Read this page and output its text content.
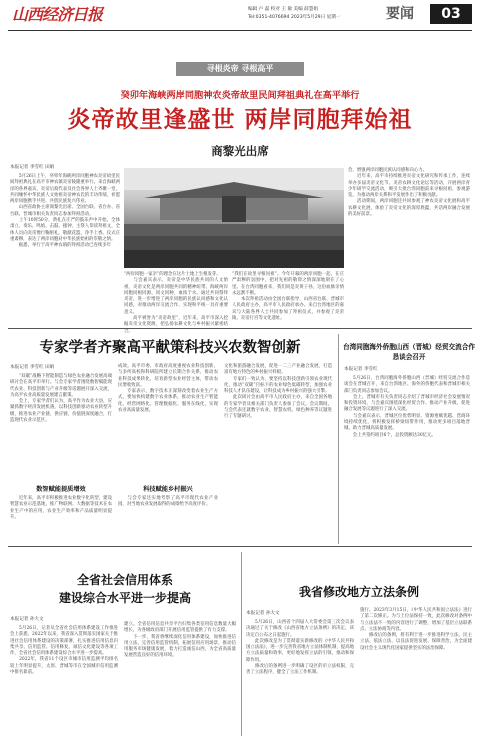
山西经济日报	编辑 卢 磊 校对 王 敏 美编 薛慧娟
Tel:0351-4076694 2023年5月29日 星期一	要闻	03
寻根炎帝 寻根高平
癸卯年海峡两岸同胞神农炎帝故里民间拜祖典礼在高平举行
炎帝故里逢盛世 两岸同胞拜始祖
商黎光出席
本报记者 李雪红 田娟
　　5月26日上午，癸卯年海峡两岸同胞神农炎帝故里民间拜祖典礼在高平市神农镇炎帝陵隆重举行。来自海峡两岸的各界嘉宾、炎帝后裔代表及社会各界人士齐聚一堂，共同缅怀中华民族人文始祖炎帝神农氏的丰功伟绩，祈愿两岸同胞携手共进、共创民族复兴伟业。
　　山西省政协主席商黎光出席。全国台联、省台办、省台联、晋城市相关负责同志参加拜祖活动。
　　上午10时50分，典礼在庄严的鼓乐声中开始。全体肃立，奏乐、鸣炮、击鼓、撞钟，主祭人恭读拜祖文，全体人员向炎帝像行鞠躬礼，敬献花篮、净手上香。仪式庄重肃穆，表达了两岸同胞对中华民族始祖的崇敬之情。
　　据悉，举行于高平神农镇的拜祖活动已连续多年
“两岸同胞一家亲”的理念在这片土地上生根发芽。
　　与会嘉宾表示，炎帝是中华民族共同的人文始祖，炎帝文化是两岸同胞共同的精神纽带。海峡两岸同胞同根同源、同文同种，血浓于水。通过共同祭拜炎帝，进一步增进了两岸同胞的民族认同感和文化认同感，对推动两岸交流合作、实现和平统一具有重要意义。
　　高平被誉为“炎帝故里”，近年来，高平市深入挖掘炎帝文化资源，把弘扬农耕文化与乡村振兴紧密结合。
“我们在故里寻根问祖”。今年开幕的两岸同胞一起，在庄严肃穆的氛围中，把对先祖的敬仰之情深深地刻在了心里。在台湾同胞看来，我们同是炎黄子孙，这份血脉亲情永远割不断。
　　本次拜祖活动由全国台联指导，山西省台联、晋城市人民政府主办，高平市人民政府承办。来自台湾地区的嘉宾与大陆各界人士共同参加了拜祖仪式，并参观了炎帝陵、炎帝行宫等文化遗址。
会，增强两岸同胞民族认同感和向心力。
　　近年来，高平市持续推进炎帝文化研究和传承工作，连续举办多届炎帝文化节、炎帝农耕文化论坛等活动，开展两岸青少年研学交流活动，吸引大批台湾同胞前来寻根问祖、参观游览，为推动两岸关系和平发展作出了积极贡献。
　　活动期间，两岸同胞还共同参观了神农炎帝文化展和高平农耕文化展，体验了炎帝文化的深厚底蕴，共话两岸融合发展的美好前景。
专家学者齐聚高平献策科技兴农数智创新
本报记者 李雪红 田娟
　　“双碳”战略下智能制造与绿色农业融合发展高端研讨会在高平市举行。与会专家学者围绕数智赋能现代农业、科技创新与产业升级等话题展开深入交流，为高平农业高质量发展建言献策。
　　会上，专家学者们认为，高平作为农业大县，应紧抓数字经济发展机遇，以科技创新驱动农业转型升级，推进农业产业链、供应链、价值链深度融合，打造现代农业示范区。
数智赋能提质增效
　　近年来，高平市积极推进农业数字化转型，建设智慧农业示范基地，推广物联网、大数据等技术在农业生产中的应用，农业生产效率和产品质量明显提升。
成效。高平市委、市政府高度重视农业科技创新，与多所高校和科研院所建立长期合作关系，推动农业科技成果转化，培育新型农业经营主体，带动农民增收致富。
　　专家表示，数字技术正深刻改变着农业生产方式，要加快构建数字农业体系，推动农业生产智能化、经营网络化、管理数据化、服务在线化，实现农业高质量发展。
科技赋能乡村振兴
　　与会专家还实地考察了高平市现代农业产业园，对当地农业发展取得的成绩给予高度评价。
文化和旅游融合发展，促进一二三产业融合发展，打造富有地方特色的乡村振兴样板。
　　专家们一致认为，要坚持以科技创新引领农业现代化，推动“双碳”目标下的农业绿色低碳转型，加强农业科技人才队伍建设，让科技成为乡村振兴的强大引擎。
　　此次研讨会由高平市人民政府主办，来自全国各地的专家学者及相关部门负责人参加了会议。会议期间，与会代表还就数字农业、智慧农机、绿色种养等议题进行了专题研讨。
台湾同胞海外侨胞山西（晋城）经贸交流合作恳谈会召开
本报记者 李雪红
　　5月26日，台湾同胞海外侨胞山西（晋城）经贸交流合作恳谈会在晋城召开，来自台湾地区、海外的侨胞代表和晋城市相关部门负责同志参加会议。
　　会上，晋城市有关负责同志介绍了晋城市经济社会发展情况和投资环境，与会嘉宾围绕深化经贸合作、推动产业升级、促进融合发展等议题进行了深入交流。
　　与会嘉宾表示，晋城区位优势明显、资源禀赋优越、营商环境持续优化，将积极发挥桥梁纽带作用，推动更多项目落地晋城，助力晋城高质量发展。
　　会上共签约项目6个，总投资额达30亿元。
全省社会信用体系
建设综合水平进一步提高
本报记者 孙大文
　　5月26日，记者从全省社会信用体系建设工作推进会上获悉，2022年以来，我省深入贯彻落实国家关于推进社会信用体系建设的决策部署，扎实推进信用信息归集共享、信用监管、信用修复、诚信文化建设等各项工作，全省社会信用体系建设综合水平进一步提高。
　　2022年，我省11个设区市城市信用监测平均排名较上年明显提升，太原、晋城等市在全国城市信用监测中排名靠前。
建立。全省信用信息共享平台归集各类信用信息数量大幅增长，为各级政府部门开展信用监管提供了有力支撑。
　　下一步，我省将继续深化信用体系建设，加快推进信用立法，完善信用监管机制，拓展信用应用场景，推动信用服务市场健康发展，着力打造诚信山西，为全省高质量发展营造良好的信用环境。
我省修改地方立法条例
本报记者 孙大文
　　5月26日，山西省十四届人大常委会第三次会议表决通过了关于修改《山西省地方立法条例》的决定，该决定自公布之日起施行。
　　此次修改是为了贯彻落实新修改的《中华人民共和国立法法》，进一步完善我省地方立法体制机制，提高地方立法质量和效率，更好地发挥立法的引领、推动和保障作用。
　　修改后的条例进一步明确了设区的市立法权限，完善了立法程序，健全了立法工作机制。
施行。2023年3月15日，《中华人民共和国立法法》进行了第二次修正。为与上位法保持一致，此次修改对条例中与立法法不一致的内容进行了调整，增加了基层立法联系点、立法协商等内容。
　　修改后的条例，将有利于进一步推进科学立法、民主立法、依法立法，以良法促进发展、保障善治，为全面建设社会主义现代化国家提供坚实的法治保障。
